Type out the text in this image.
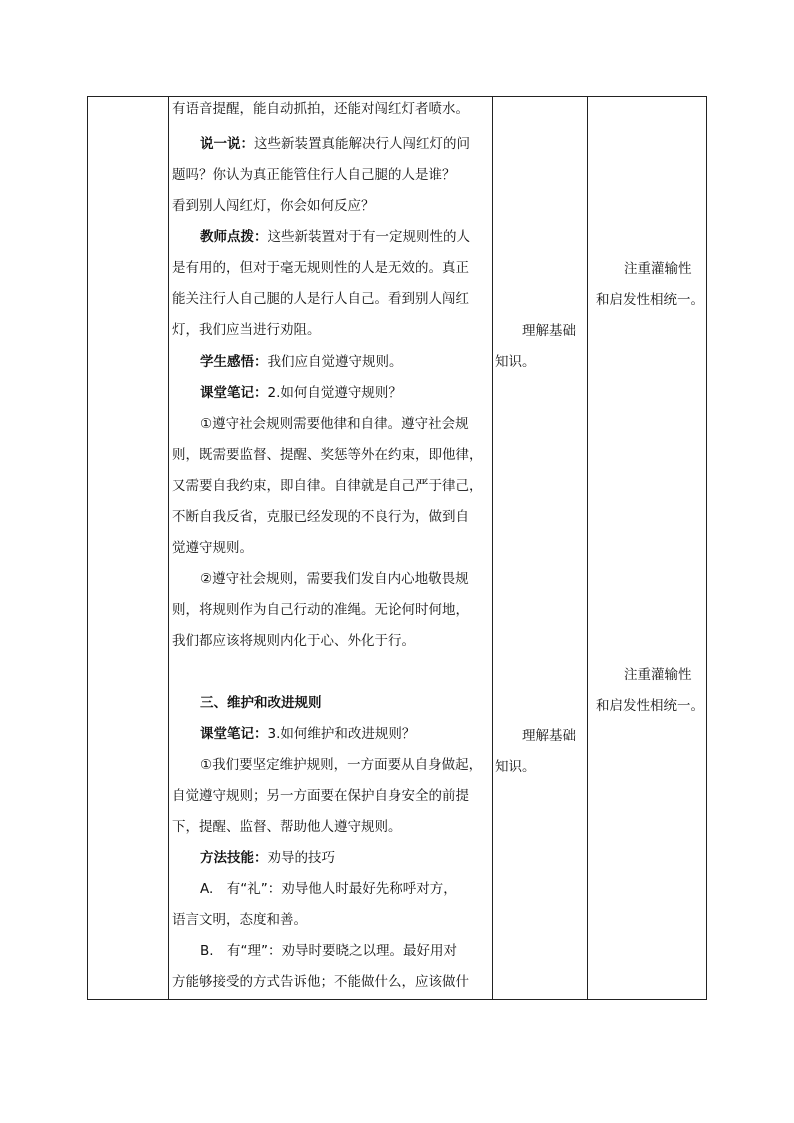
有语音提醒，能自动抓拍，还能对闯红灯者喷水。
说一说：这些新装置真能解决行人闯红灯的问
题吗？你认为真正能管住行人自己腿的人是谁？
看到别人闯红灯，你会如何反应？
教师点拨：这些新装置对于有一定规则性的人
是有用的，但对于毫无规则性的人是无效的。真正
能关注行人自己腿的人是行人自己。看到别人闯红
灯，我们应当进行劝阻。
学生感悟：我们应自觉遵守规则。
课堂笔记：2.如何自觉遵守规则？
①遵守社会规则需要他律和自律。遵守社会规
则，既需要监督、提醒、奖惩等外在约束，即他律，
又需要自我约束，即自律。自律就是自己严于律己，
不断自我反省，克服已经发现的不良行为，做到自
觉遵守规则。
②遵守社会规则，需要我们发自内心地敬畏规
则，将规则作为自己行动的准绳。无论何时何地，
我们都应该将规则内化于心、外化于行。
三、维护和改进规则
课堂笔记：3.如何维护和改进规则？
①我们要坚定维护规则，一方面要从自身做起，
自觉遵守规则；另一方面要在保护自身安全的前提
下，提醒、监督、帮助他人遵守规则。
方法技能：劝导的技巧
A.　有“礼”：劝导他人时最好先称呼对方，
语言文明，态度和善。
B.　有“理”：劝导时要晓之以理。最好用对
方能够接受的方式告诉他；不能做什么，应该做什
理解基础
知识。
理解基础
知识。
注重灌输性
和启发性相统一。
注重灌输性
和启发性相统一。
